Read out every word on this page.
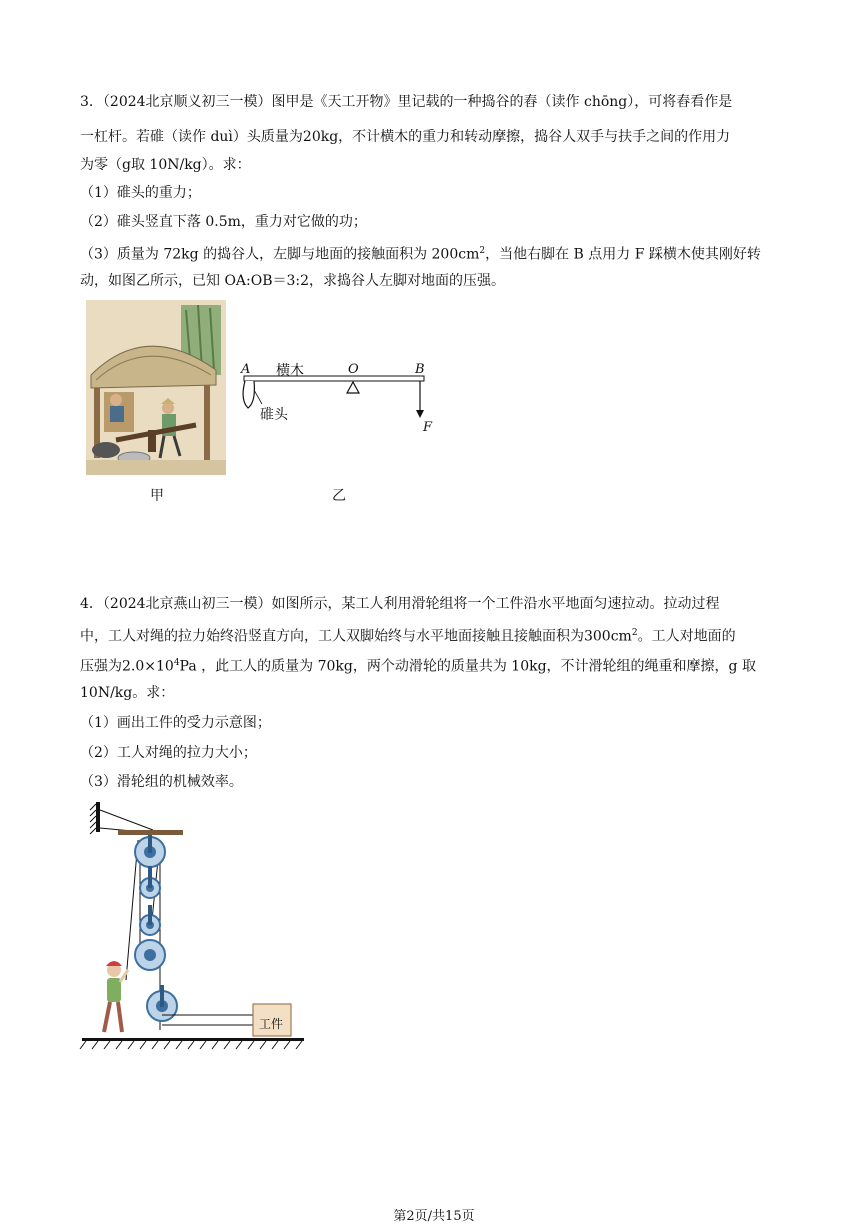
3．（2024北京顺义初三一模）图甲是《天工开物》里记载的一种捣谷的舂（读作 chōng），可将舂看作是
一杠杆。若碓（读作 duì）头质量为20kg，不计横木的重力和转动摩擦，捣谷人双手与扶手之间的作用力
为零（g取 10N/kg）。求：
（1）碓头的重力；
（2）碓头竖直下落 0.5m，重力对它做的功；
（3）质量为 72kg 的捣谷人，左脚与地面的接触面积为 $200cm^2$，当他右脚在 B 点用力 F 踩横木使其刚好转
动，如图乙所示，已知 OA:OB＝3:2，求捣谷人左脚对地面的压强。
甲
A 横木	O	B
F
碓头
乙
4．（2024北京燕山初三一模）如图所示，某工人利用滑轮组将一个工件沿水平地面匀速拉动。拉动过程
中，工人对绳的拉力始终沿竖直方向，工人双脚始终与水平地面接触且接触面积为$300cm^2$。工人对地面的
压强为$2.0\times 10^4Pa$ ，此工人的质量为 70kg，两个动滑轮的质量共为 10kg，不计滑轮组的绳重和摩擦，g 取
10N/kg。求：
（1）画出工件的受力示意图；
（2）工人对绳的拉力大小；
（3）滑轮组的机械效率。
工件
第2页/共15页
